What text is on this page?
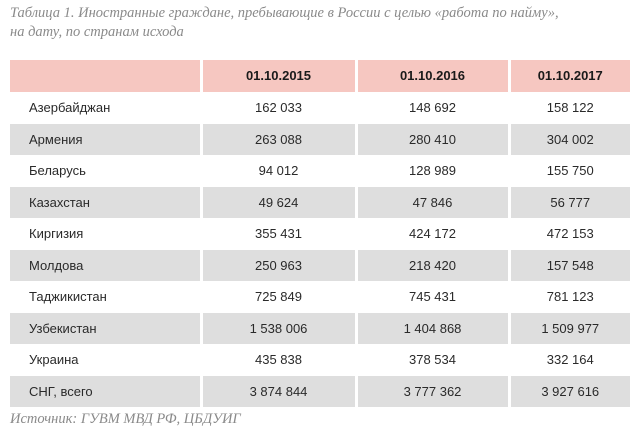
Таблица 1. Иностранные граждане, пребывающие в России с целью «работа по найму»,
на дату, по странам исхода
	01.10.2015	01.10.2016	01.10.2017
Азербайджан	162 033	148 692	158 122
Армения	263 088	280 410	304 002
Беларусь	94 012	128 989	155 750
Казахстан	49 624	47 846	56 777
Киргизия	355 431	424 172	472 153
Молдова	250 963	218 420	157 548
Таджикистан	725 849	745 431	781 123
Узбекистан	1 538 006	1 404 868	1 509 977
Украина	435 838	378 534	332 164
СНГ, всего	3 874 844	3 777 362	3 927 616
Источник: ГУВМ МВД РФ, ЦБДУИГ
